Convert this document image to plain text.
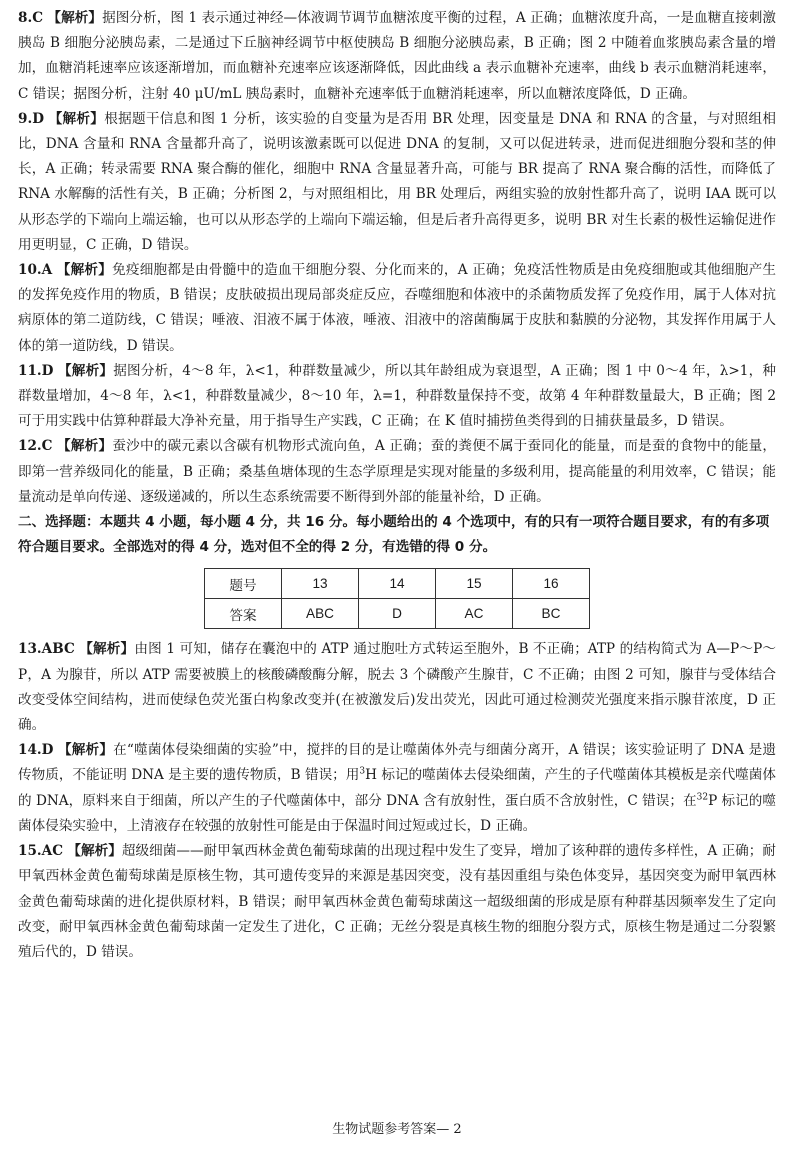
8.C 【解析】据图分析，图 1 表示通过神经—体液调节调节血糖浓度平衡的过程，A 正确；血糖浓度升高，一是血糖直接刺激胰岛 B 细胞分泌胰岛素，二是通过下丘脑神经调节中枢使胰岛 B 细胞分泌胰岛素，B 正确；图 2 中随着血浆胰岛素含量的增加，血糖消耗速率应该逐渐增加，而血糖补充速率应该逐渐降低，因此曲线 a 表示血糖补充速率，曲线 b 表示血糖消耗速率，C 错误；据图分析，注射 40 μU/mL 胰岛素时，血糖补充速率低于血糖消耗速率，所以血糖浓度降低，D 正确。

9.D 【解析】根据题干信息和图 1 分析，该实验的自变量为是否用 BR 处理，因变量是 DNA 和 RNA 的含量，与对照组相比，DNA 含量和 RNA 含量都升高了，说明该激素既可以促进 DNA 的复制，又可以促进转录，进而促进细胞分裂和茎的伸长，A 正确；转录需要 RNA 聚合酶的催化，细胞中 RNA 含量显著升高，可能与 BR 提高了 RNA 聚合酶的活性，而降低了 RNA 水解酶的活性有关，B 正确；分析图 2，与对照组相比，用 BR 处理后，两组实验的放射性都升高了，说明 IAA 既可以从形态学的下端向上端运输，也可以从形态学的上端向下端运输，但是后者升高得更多，说明 BR 对生长素的极性运输促进作用更明显，C 正确，D 错误。

10.A 【解析】免疫细胞都是由骨髓中的造血干细胞分裂、分化而来的，A 正确；免疫活性物质是由免疫细胞或其他细胞产生的发挥免疫作用的物质，B 错误；皮肤破损出现局部炎症反应，吞噬细胞和体液中的杀菌物质发挥了免疫作用，属于人体对抗病原体的第二道防线，C 错误；唾液、泪液不属于体液，唾液、泪液中的溶菌酶属于皮肤和黏膜的分泌物，其发挥作用属于人体的第一道防线，D 错误。

11.D 【解析】据图分析，4～8 年，λ<1，种群数量减少，所以其年龄组成为衰退型，A 正确；图 1 中 0～4 年，λ>1，种群数量增加，4～8 年，λ<1，种群数量减少，8～10 年，λ=1，种群数量保持不变，故第 4 年种群数量最大，B 正确；图 2 可于用实践中估算种群最大净补充量，用于指导生产实践，C 正确；在 K 值时捕捞鱼类得到的日捕获量最多，D 错误。

12.C 【解析】蚕沙中的碳元素以含碳有机物形式流向鱼，A 正确；蚕的粪便不属于蚕同化的能量，而是蚕的食物中的能量，即第一营养级同化的能量，B 正确；桑基鱼塘体现的生态学原理是实现对能量的多级利用，提高能量的利用效率，C 错误；能量流动是单向传递、逐级递减的，所以生态系统需要不断得到外部的能量补给，D 正确。

二、选择题：本题共 4 小题，每小题 4 分，共 16 分。每小题给出的 4 个选项中，有的只有一项符合题目要求，有的有多项符合题目要求。全部选对的得 4 分，选对但不全的得 2 分，有选错的得 0 分。

题号	13	14	15	16
答案	ABC	D	AC	BC

13.ABC 【解析】由图 1 可知，储存在囊泡中的 ATP 通过胞吐方式转运至胞外，B 不正确；ATP 的结构简式为 A—P～P～P，A 为腺苷，所以 ATP 需要被膜上的核酸磷酸酶分解，脱去 3 个磷酸产生腺苷，C 不正确；由图 2 可知，腺苷与受体结合改变受体空间结构，进而使绿色荧光蛋白构象改变并(在被激发后)发出荧光，因此可通过检测荧光强度来指示腺苷浓度，D 正确。

14.D 【解析】在“噬菌体侵染细菌的实验”中，搅拌的目的是让噬菌体外壳与细菌分离开，A 错误；该实验证明了 DNA 是遗传物质，不能证明 DNA 是主要的遗传物质，B 错误；用$^3$H 标记的噬菌体去侵染细菌，产生的子代噬菌体其模板是亲代噬菌体的 DNA，原料来自于细菌，所以产生的子代噬菌体中，部分 DNA 含有放射性，蛋白质不含放射性，C 错误；在$^{32}$P 标记的噬菌体侵染实验中，上清液存在较强的放射性可能是由于保温时间过短或过长，D 正确。

15.AC 【解析】超级细菌——耐甲氧西林金黄色葡萄球菌的出现过程中发生了变异，增加了该种群的遗传多样性，A 正确；耐甲氧西林金黄色葡萄球菌是原核生物，其可遗传变异的来源是基因突变，没有基因重组与染色体变异，基因突变为耐甲氧西林金黄色葡萄球菌的进化提供原材料，B 错误；耐甲氧西林金黄色葡萄球菌这一超级细菌的形成是原有种群基因频率发生了定向改变，耐甲氧西林金黄色葡萄球菌一定发生了进化，C 正确；无丝分裂是真核生物的细胞分裂方式，原核生物是通过二分裂繁殖后代的，D 错误。

生物试题参考答案— 2
